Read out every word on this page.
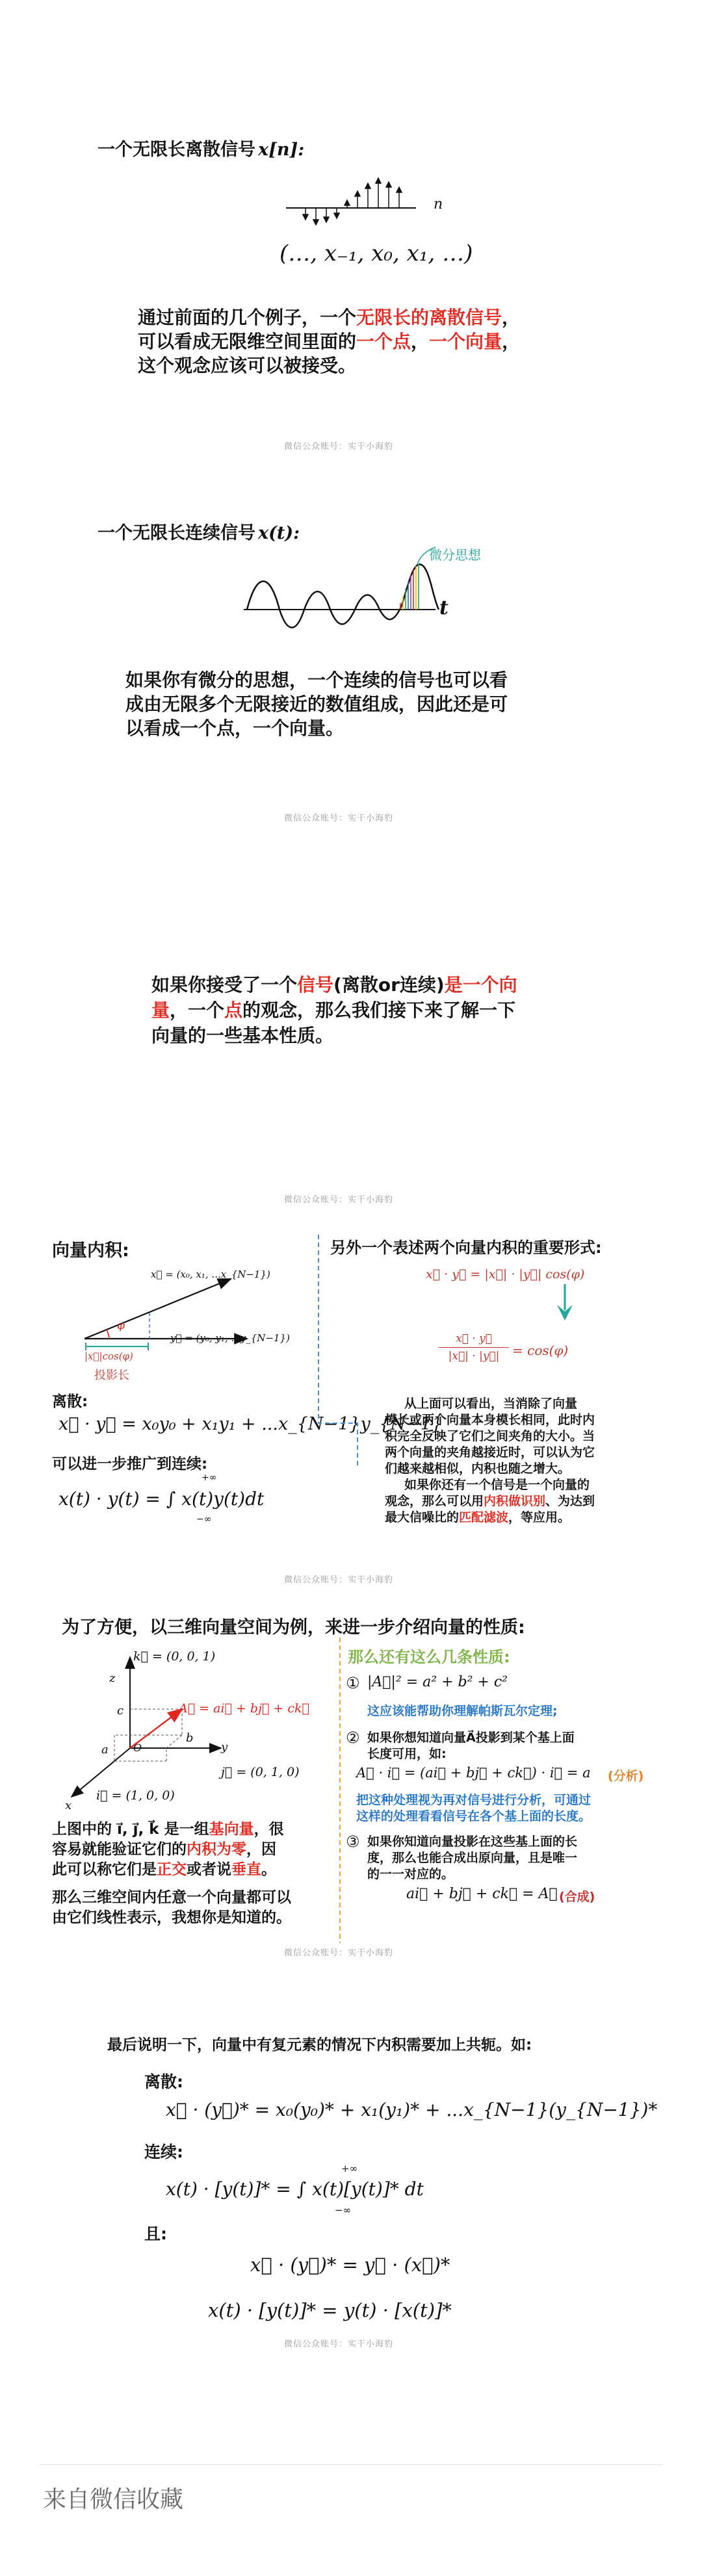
一个无限长离散信号 x[n]:
n
(…, x₋₁, x₀, x₁, …)
通过前面的几个例子，一个无限长的离散信号，
可以看成无限维空间里面的一个点，一个向量，
这个观念应该可以被接受。
微信公众账号：实干小海豹
一个无限长连续信号 x(t):
微分思想
t
如果你有微分的思想，一个连续的信号也可以看
成由无限多个无限接近的数值组成，因此还是可
以看成一个点，一个向量。
微信公众账号：实干小海豹
如果你接受了一个信号(离散or连续)是一个向
量，一个点的观念，那么我们接下来了解一下
向量的一些基本性质。
微信公众账号：实干小海豹
向量内积:
x⃗ = (x₀, x₁, ...x_{N−1})
y⃗ = (y₀, y₁, ...y_{N−1})
φ
|x⃗|cos(φ)
投影长
离散:
x⃗ · y⃗ = x₀y₀ + x₁y₁ + ...x_{N−1}y_{N−1}
可以进一步推广到连续:
x(t) · y(t) = ∫ x(t)y(t)dt
+∞
−∞
另外一个表述两个向量内积的重要形式:
x⃗ · y⃗ = |x⃗| · |y⃗| cos(φ)
x⃗ · y⃗
|x⃗| · |y⃗| = cos(φ)
从上面可以看出，当消除了向量
模长或两个向量本身模长相同，此时内
积完全反映了它们之间夹角的大小。当
两个向量的夹角越接近时，可以认为它
们越来越相似，内积也随之增大。
如果你还有一个信号是一个向量的
观念，那么可以用内积做识别、为达到
最大信噪比的匹配滤波，等应用。
微信公众账号：实干小海豹
为了方便，以三维向量空间为例，来进一步介绍向量的性质:
z
y
x
k⃗ = (0, 0, 1)
j⃗ = (0, 1, 0)
i⃗ = (1, 0, 0)
A⃗ = ai⃗ + bj⃗ + ck⃗
c
b
a O
上图中的 i⃗, j⃗, k⃗ 是一组基向量，很
容易就能验证它们的内积为零，因
此可以称它们是正交或者说垂直。
那么三维空间内任意一个向量都可以
由它们线性表示，我想你是知道的。
那么还有这么几条性质:
① |A⃗|² = a² + b² + c²
这应该能帮助你理解帕斯瓦尔定理;
② 如果你想知道向量A⃗投影到某个基上面
长度可用，如:
A⃗ · i⃗ = (ai⃗ + bj⃗ + ck⃗) · i⃗ = a (分析)
把这种处理视为再对信号进行分析，可通过
这样的处理看看信号在各个基上面的长度。
③ 如果你知道向量投影在这些基上面的长
度，那么也能合成出原向量，且是唯一
的一一对应的。
ai⃗ + bj⃗ + ck⃗ = A⃗ (合成)
微信公众账号：实干小海豹
最后说明一下，向量中有复元素的情况下内积需要加上共轭。如:
离散:
x⃗ · (y⃗)* = x₀(y₀)* + x₁(y₁)* + ...x_{N−1}(y_{N−1})*
连续:
x(t) · [y(t)]* = ∫ x(t)[y(t)]* dt
+∞
−∞
且:
x⃗ · (y⃗)* = y⃗ · (x⃗)*
x(t) · [y(t)]* = y(t) · [x(t)]*
微信公众账号：实干小海豹
来自微信收藏
